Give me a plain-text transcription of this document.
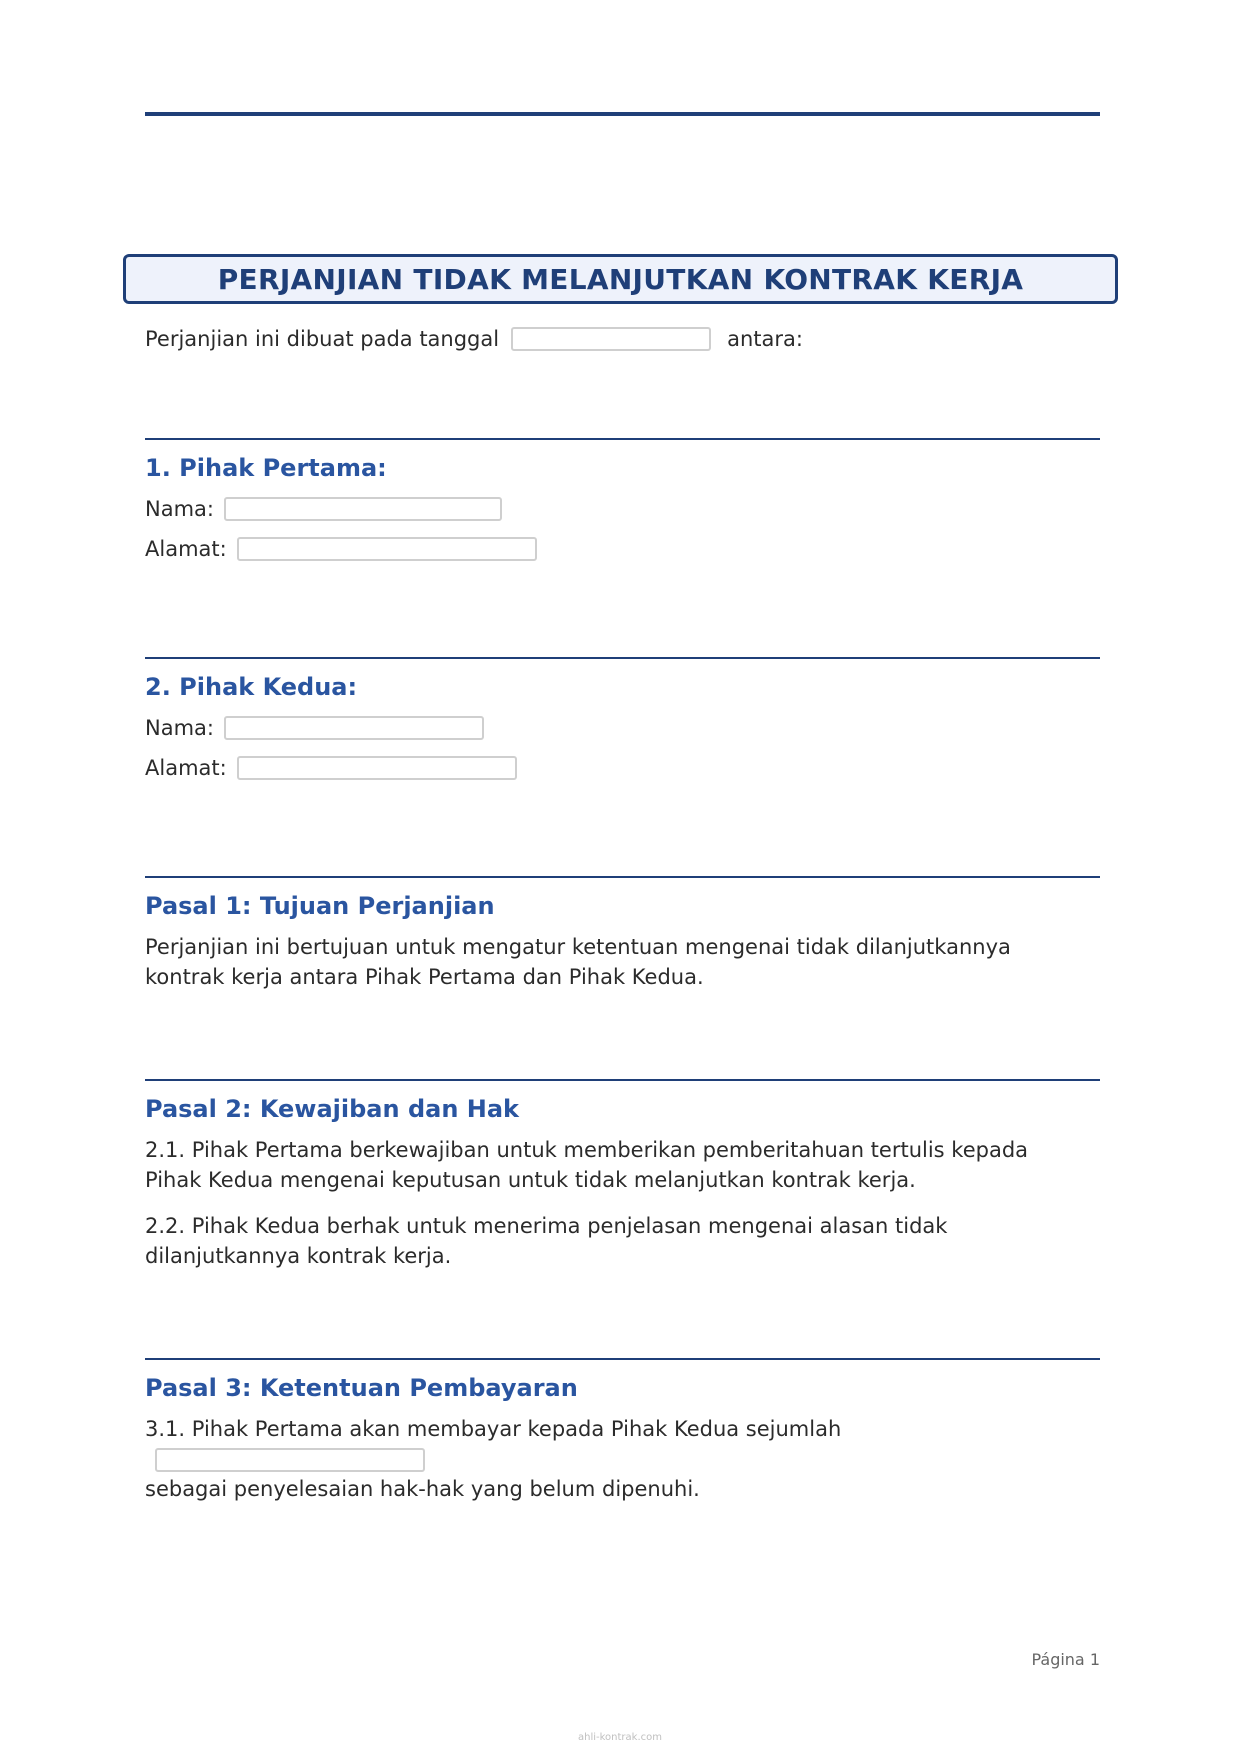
PERJANJIAN TIDAK MELANJUTKAN KONTRAK KERJA
Perjanjian ini dibuat pada tanggal	antara:
1. Pihak Pertama:
Nama:
Alamat:
2. Pihak Kedua:
Nama:
Alamat:
Pasal 1: Tujuan Perjanjian

Perjanjian ini bertujuan untuk mengatur ketentuan mengenai tidak dilanjutkannya kontrak kerja antara Pihak Pertama dan Pihak Kedua.

Pasal 2: Kewajiban dan Hak

2.1. Pihak Pertama berkewajiban untuk memberikan pemberitahuan tertulis kepada Pihak Kedua mengenai keputusan untuk tidak melanjutkan kontrak kerja.

2.2. Pihak Kedua berhak untuk menerima penjelasan mengenai alasan tidak dilanjutkannya kontrak kerja.

Pasal 3: Ketentuan Pembayaran
3.1. Pihak Pertama akan membayar kepada Pihak Kedua sejumlah
sebagai penyelesaian hak-hak yang belum dipenuhi.
Página 1
ahli-kontrak.com
